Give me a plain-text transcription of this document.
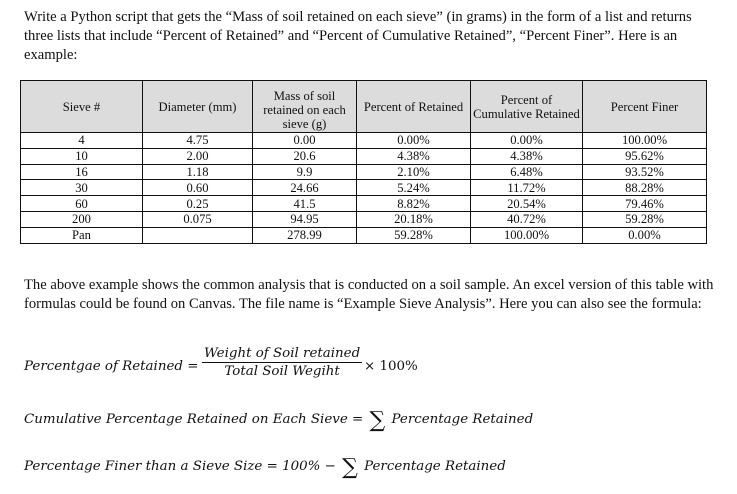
Write a Python script that gets the “Mass of soil retained on each sieve” (in grams) in the form of a list and returns three lists that include “Percent of Retained” and “Percent of Cumulative Retained”, “Percent Finer”. Here is an example:

Sieve #	Diameter (mm)	Mass of soil retained on each sieve (g)	Percent of Retained	Percent of Cumulative Retained	Percent Finer
4	4.75	0.00	0.00%	0.00%	100.00%
10	2.00	20.6	4.38%	4.38%	95.62%
16	1.18	9.9	2.10%	6.48%	93.52%
30	0.60	24.66	5.24%	11.72%	88.28%
60	0.25	41.5	8.82%	20.54%	79.46%
200	0.075	94.95	20.18%	40.72%	59.28%
Pan		278.99	59.28%	100.00%	0.00%

The above example shows the common analysis that is conducted on a soil sample. An excel version of this table with formulas could be found on Canvas. The file name is “Example Sieve Analysis”. Here you can also see the formula:

Percentgae of Retained =
Weight of Soil retained
Total Soil Wegiht	× 100%
Cumulative Percentage Retained on Each Sieve = ∑ Percentage Retained
Percentage Finer than a Sieve Size = 100% − ∑ Percentage Retained
